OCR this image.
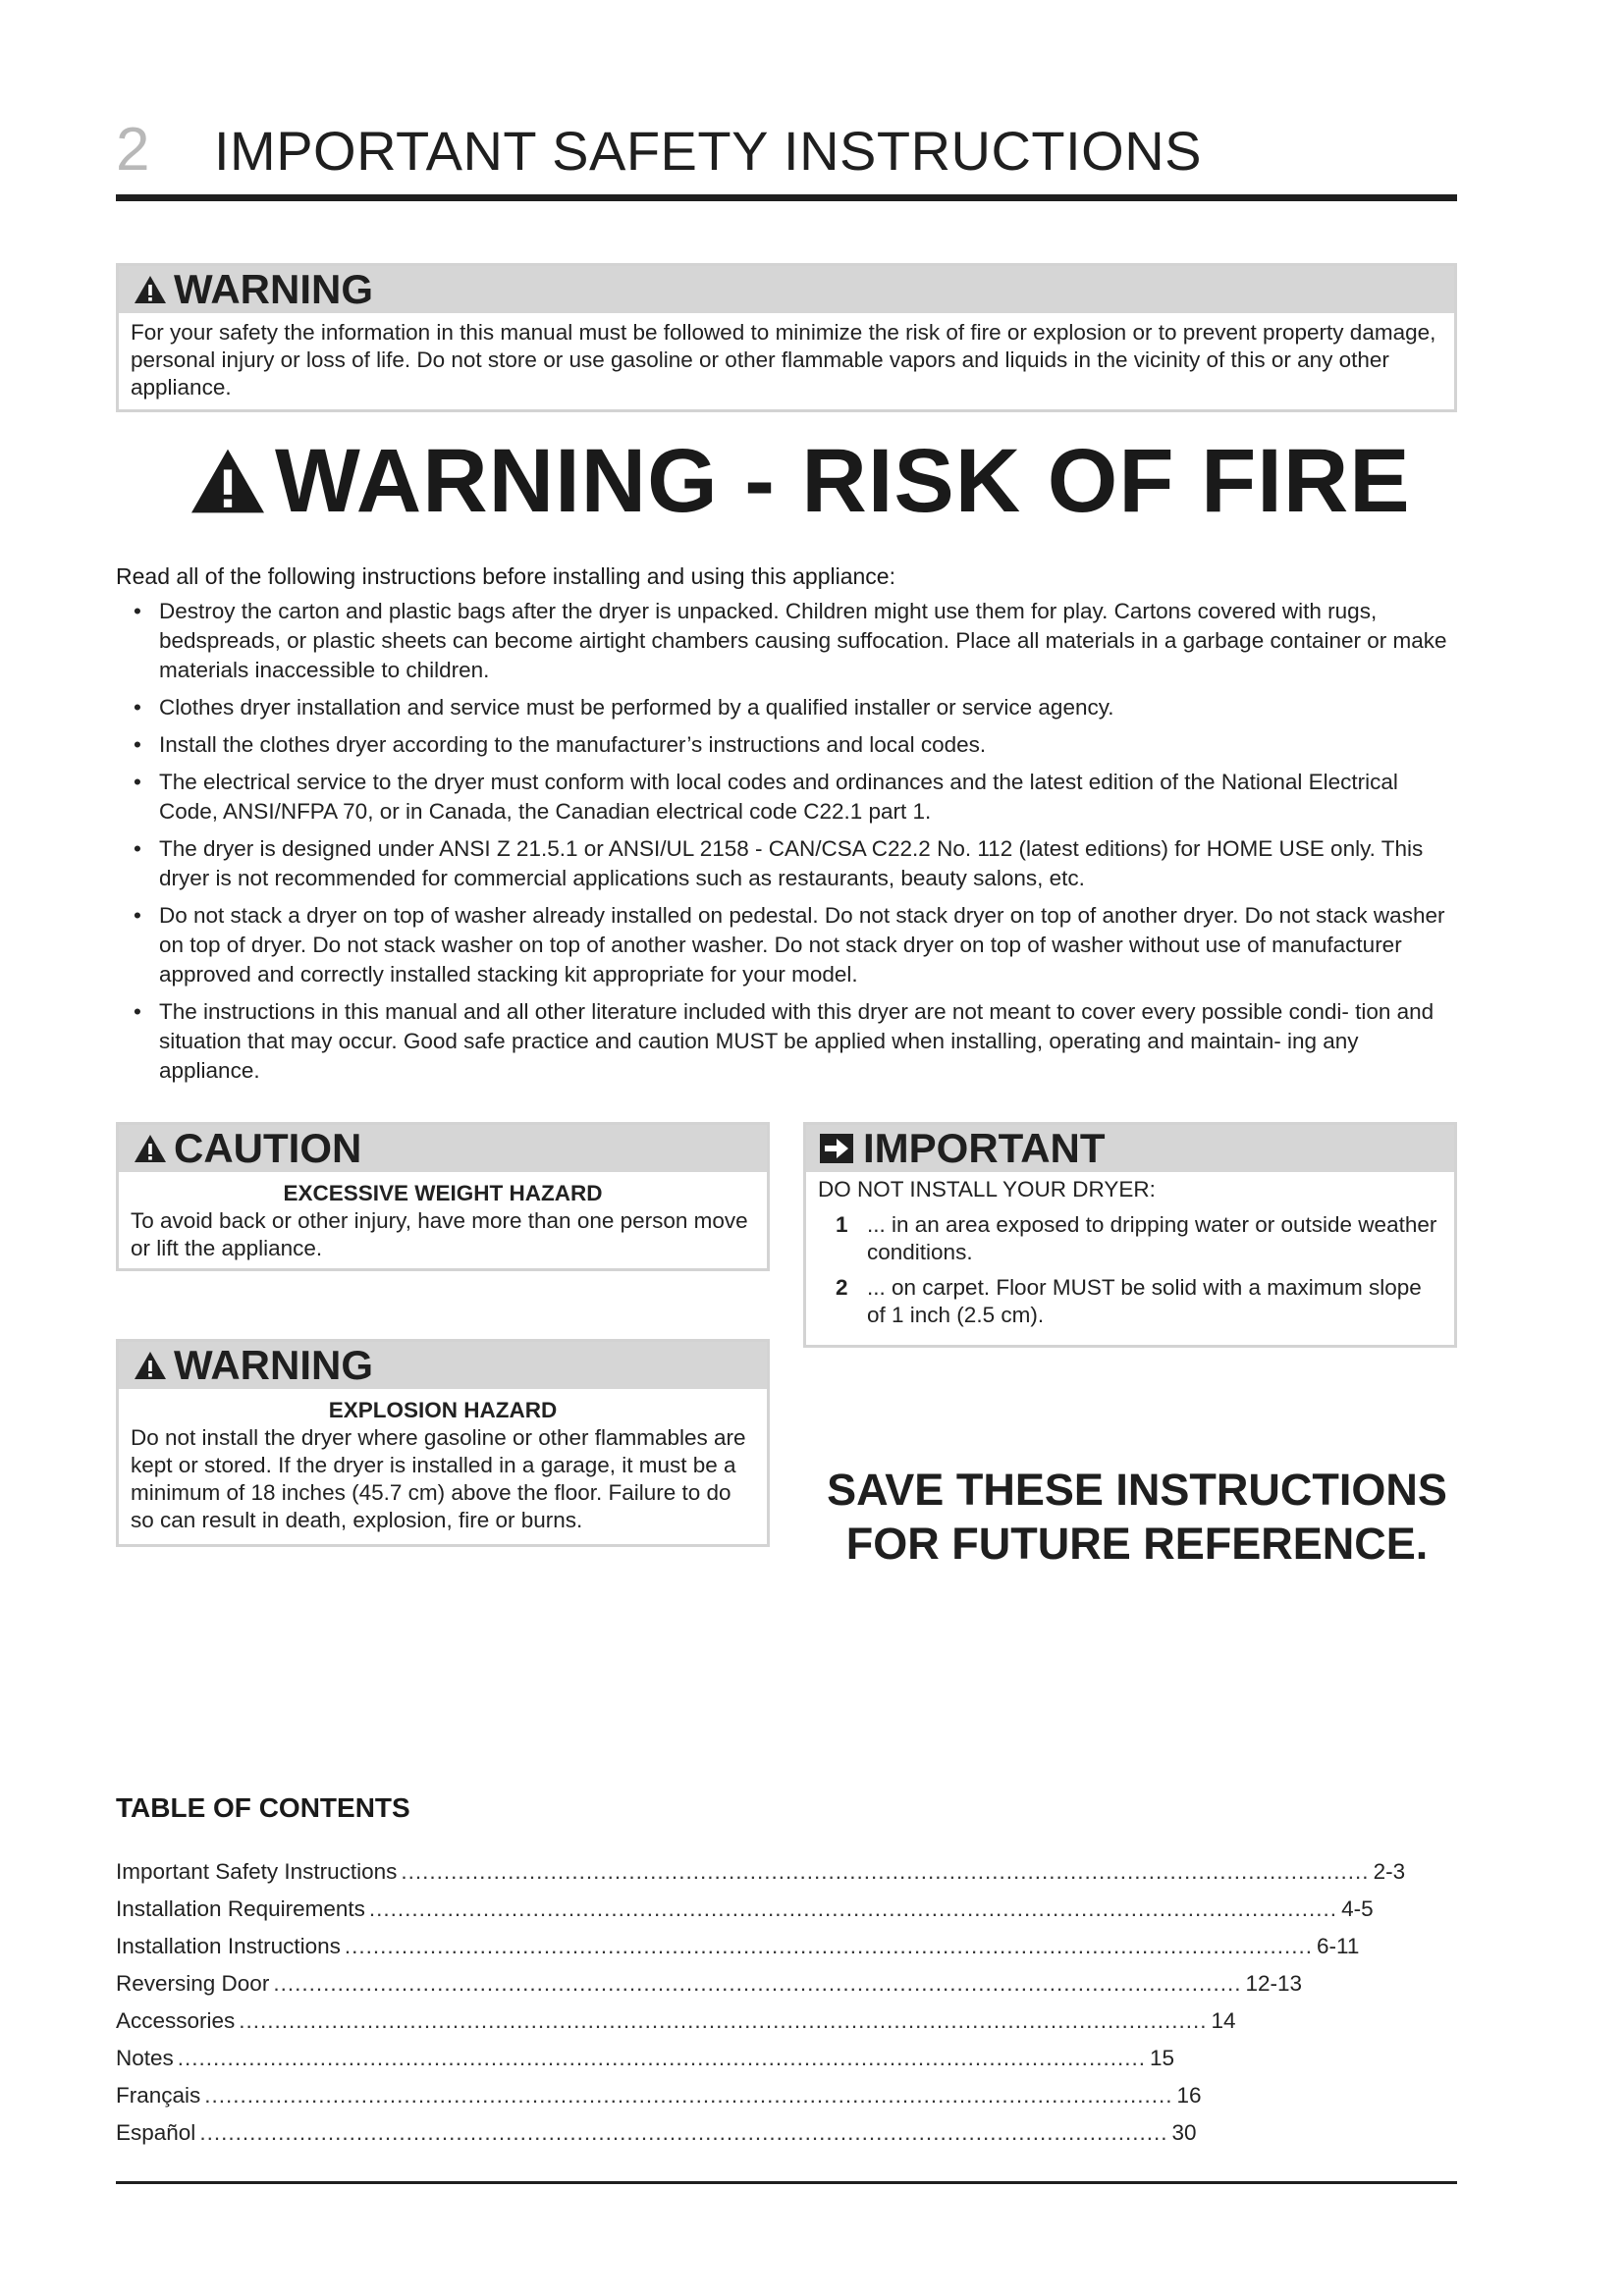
2 IMPORTANT SAFETY INSTRUCTIONS
WARNING
For your safety the information in this manual must be followed to minimize the risk of fire or explosion or to prevent property damage, personal injury or loss of life. Do not store or use gasoline or other flammable vapors and liquids in the vicinity of this or any other appliance.
WARNING - RISK OF FIRE
Read all of the following instructions before installing and using this appliance:
• Destroy the carton and plastic bags after the dryer is unpacked. Children might use them for play. Cartons covered with rugs, bedspreads, or plastic sheets can become airtight chambers causing suffocation. Place all materials in a garbage container or make materials inaccessible to children.
• Clothes dryer installation and service must be performed by a qualified installer or service agency.
• Install the clothes dryer according to the manufacturer’s instructions and local codes.
• The electrical service to the dryer must conform with local codes and ordinances and the latest edition of the National Electrical Code, ANSI/NFPA 70, or in Canada, the Canadian electrical code C22.1 part 1.
• The dryer is designed under ANSI Z 21.5.1 or ANSI/UL 2158 - CAN/CSA C22.2 No. 112 (latest editions) for HOME USE only. This dryer is not recommended for commercial applications such as restaurants, beauty salons, etc.
• Do not stack a dryer on top of washer already installed on pedestal. Do not stack dryer on top of another dryer. Do not stack washer on top of dryer. Do not stack washer on top of another washer. Do not stack dryer on top of washer without use of manufacturer approved and correctly installed stacking kit appropriate for your model.
• The instructions in this manual and all other literature included with this dryer are not meant to cover every possible condi- tion and situation that may occur. Good safe practice and caution MUST be applied when installing, operating and maintain- ing any appliance.
CAUTION
EXCESSIVE WEIGHT HAZARD
To avoid back or other injury, have more than one person move or lift the appliance.
WARNING
EXPLOSION HAZARD
Do not install the dryer where gasoline or other flammables are kept or stored. If the dryer is installed in a garage, it must be a minimum of 18 inches (45.7 cm) above the floor. Failure to do so can result in death, explosion, fire or burns.
IMPORTANT
DO NOT INSTALL YOUR DRYER:
1 ... in an area exposed to dripping water or outside weather conditions.
2 ... on carpet. Floor MUST be solid with a maximum slope of 1 inch (2.5 cm).
SAVE THESE INSTRUCTIONS
FOR FUTURE REFERENCE.
TABLE OF CONTENTS
Important Safety Instructions ........................................................................................................................................ 2-3
Installation Requirements ........................................................................................................................................ 4-5
Installation Instructions ........................................................................................................................................ 6-11
Reversing Door ........................................................................................................................................ 12-13
Accessories ........................................................................................................................................ 14
Notes ........................................................................................................................................ 15
Français ........................................................................................................................................ 16
Español ........................................................................................................................................ 30
